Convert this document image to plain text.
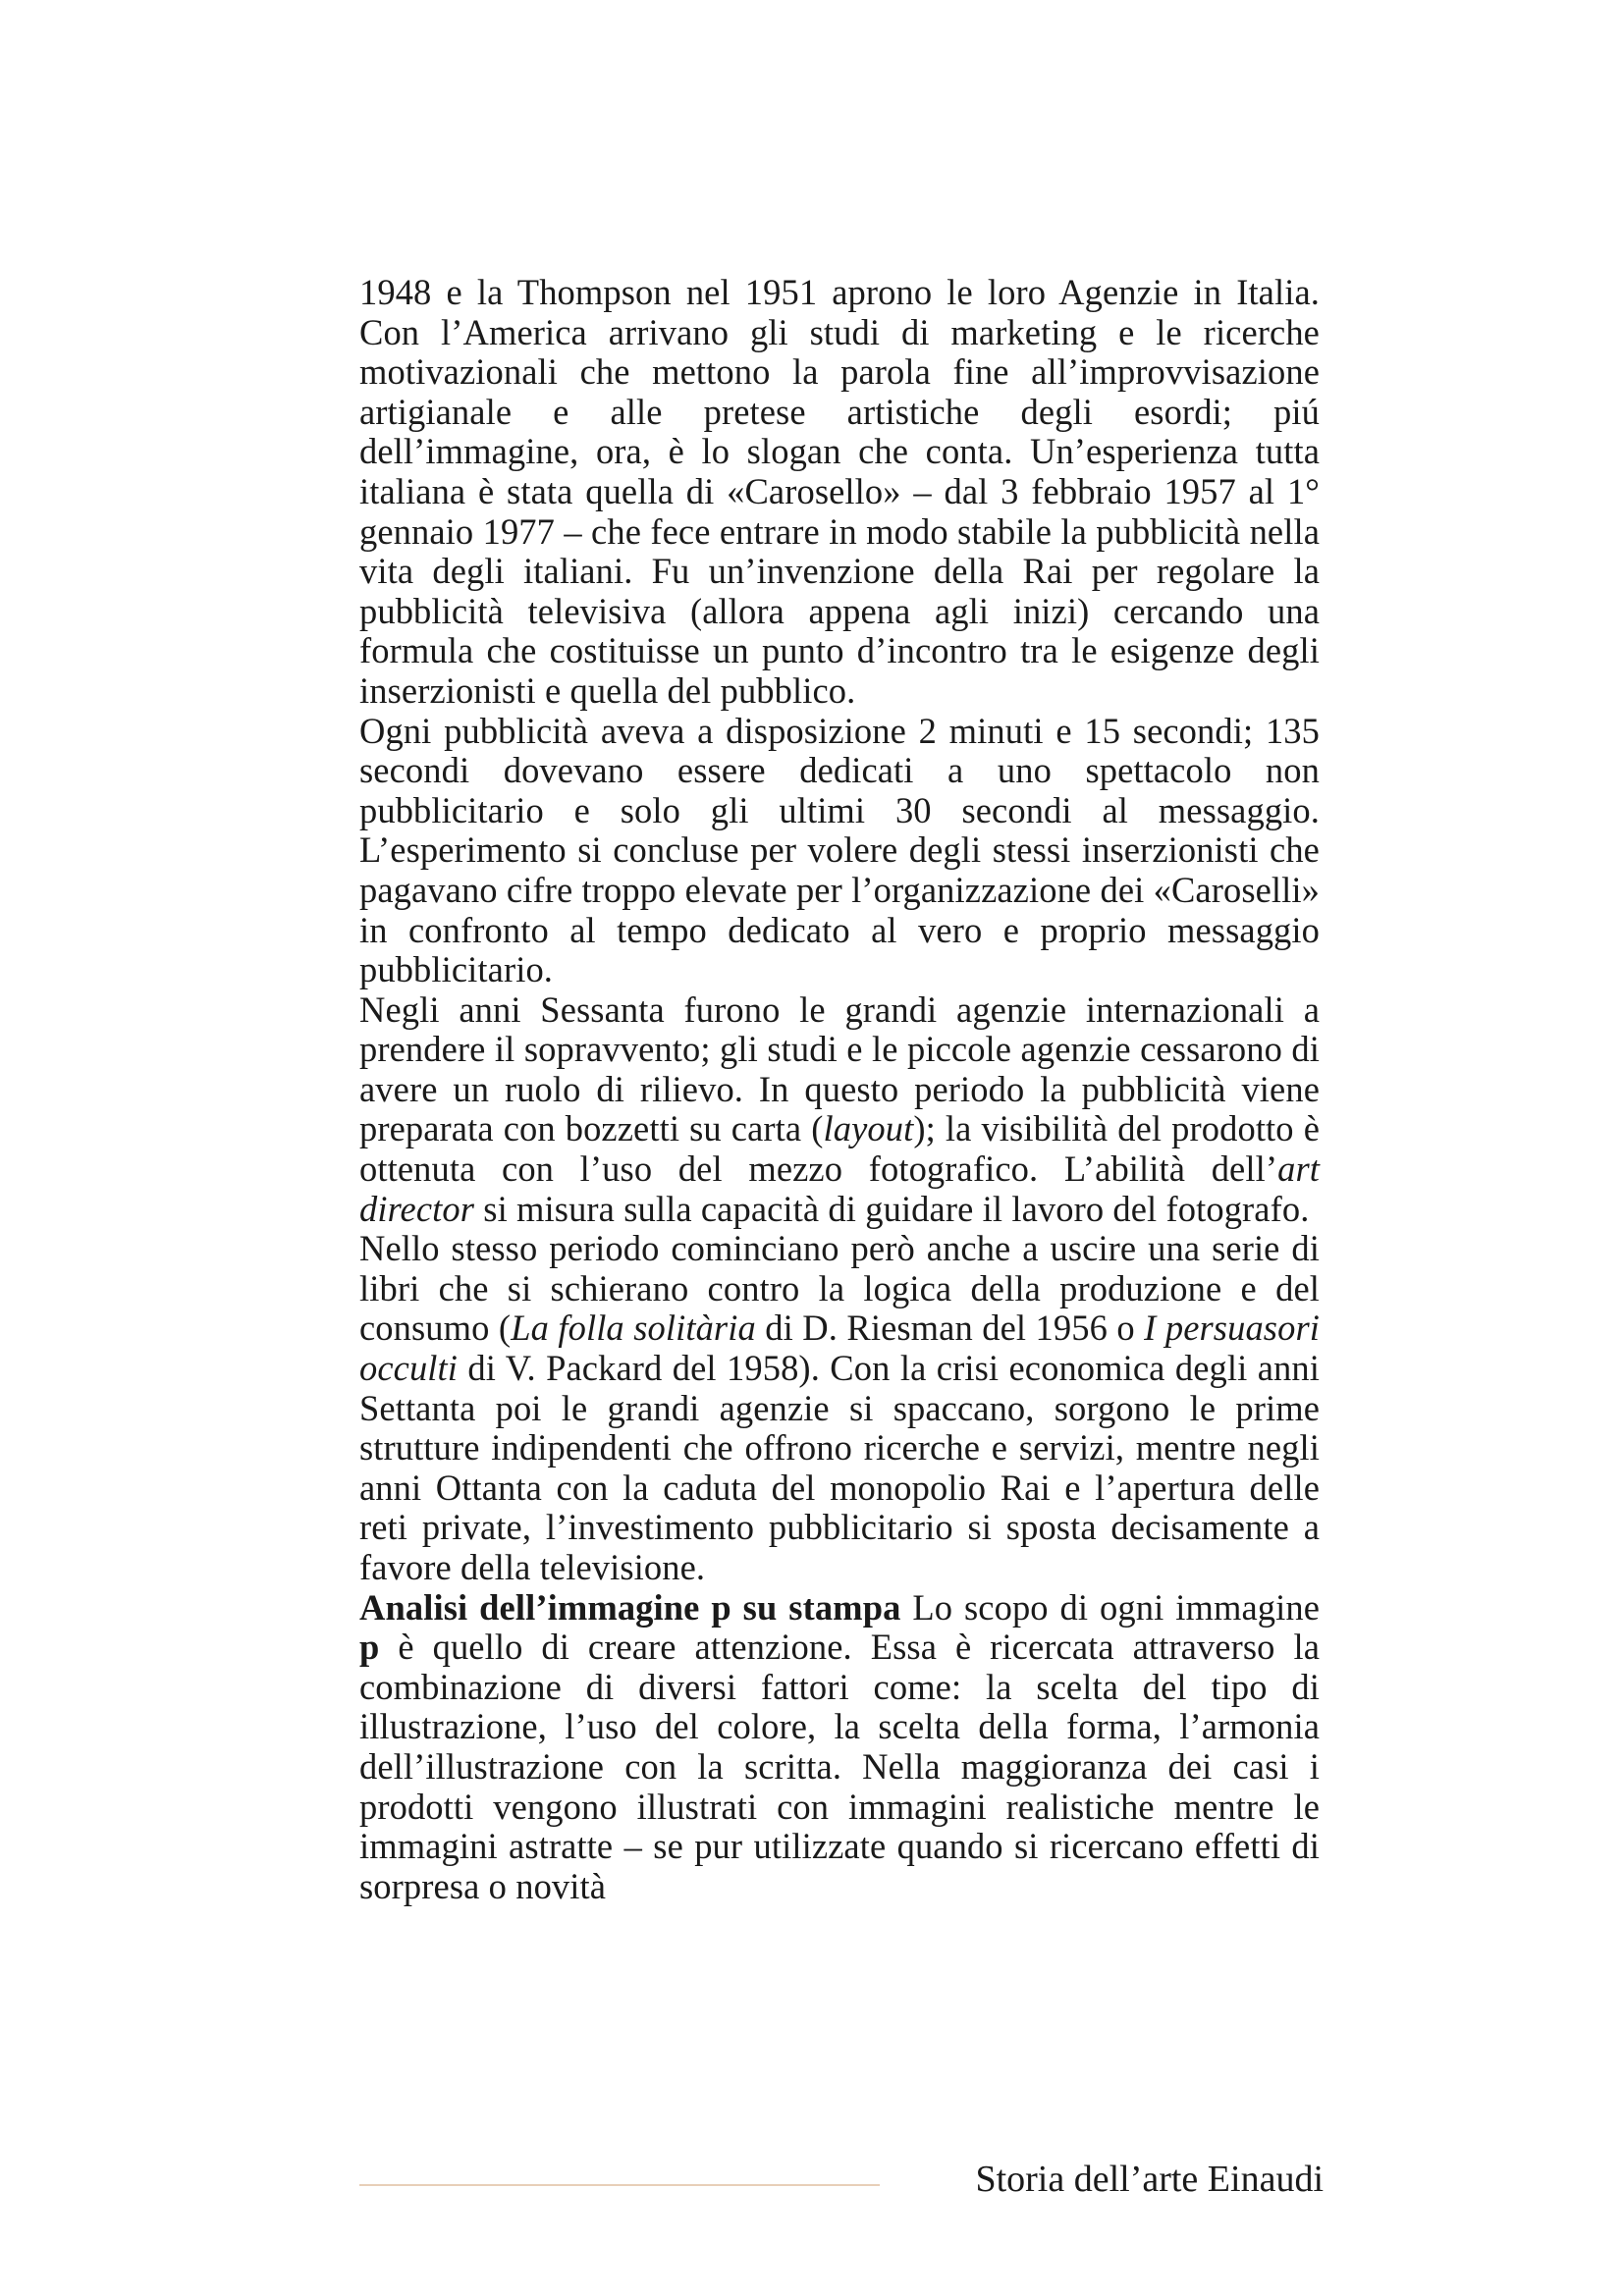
1948 e la Thompson nel 1951 aprono le loro Agenzie in Italia. Con l’America arrivano gli studi di marketing e le ricerche motivazionali che mettono la parola fine all’improvvisazione artigianale e alle pretese artistiche degli esordi; piú dell’immagine, ora, è lo slogan che conta. Un’esperienza tutta italiana è stata quella di «Carosello» – dal 3 febbraio 1957 al 1° gennaio 1977 – che fece entrare in modo stabile la pubblicità nella vita degli italiani. Fu un’invenzione della Rai per regolare la pubblicità televisiva (allora appena agli inizi) cercando una formula che costituisse un punto d’incontro tra le esigenze degli inserzionisti e quella del pubblico.

Ogni pubblicità aveva a disposizione 2 minuti e 15 secondi; 135 secondi dovevano essere dedicati a uno spettacolo non pubblicitario e solo gli ultimi 30 secondi al messaggio. L’esperimento si concluse per volere degli stessi inserzionisti che pagavano cifre troppo elevate per l’organizzazione dei «Caroselli» in confronto al tempo dedicato al vero e proprio messaggio pubblicitario.

Negli anni Sessanta furono le grandi agenzie internazionali a prendere il sopravvento; gli studi e le piccole agenzie cessarono di avere un ruolo di rilievo. In questo periodo la pubblicità viene preparata con bozzetti su carta (layout); la visibilità del prodotto è ottenuta con l’uso del mezzo fotografico. L’abilità dell’art director si misura sulla capacità di guidare il lavoro del fotografo.

Nello stesso periodo cominciano però anche a uscire una serie di libri che si schierano contro la logica della produzione e del consumo (La folla solitària di D. Riesman del 1956 o I persuasori occulti di V. Packard del 1958). Con la crisi economica degli anni Settanta poi le grandi agenzie si spaccano, sorgono le prime strutture indipendenti che offrono ricerche e servizi, mentre negli anni Ottanta con la caduta del monopolio Rai e l’apertura delle reti private, l’investimento pubblicitario si sposta decisamente a favore della televisione.

Analisi dell’immagine p su stampa Lo scopo di ogni immagine p è quello di creare attenzione. Essa è ricercata attraverso la combinazione di diversi fattori come: la scelta del tipo di illustrazione, l’uso del colore, la scelta della forma, l’armonia dell’illustrazione con la scritta. Nella maggioranza dei casi i prodotti vengono illustrati con immagini realistiche mentre le immagini astratte – se pur utilizzate quando si ricercano effetti di sorpresa o novità

Storia dell’arte Einaudi
